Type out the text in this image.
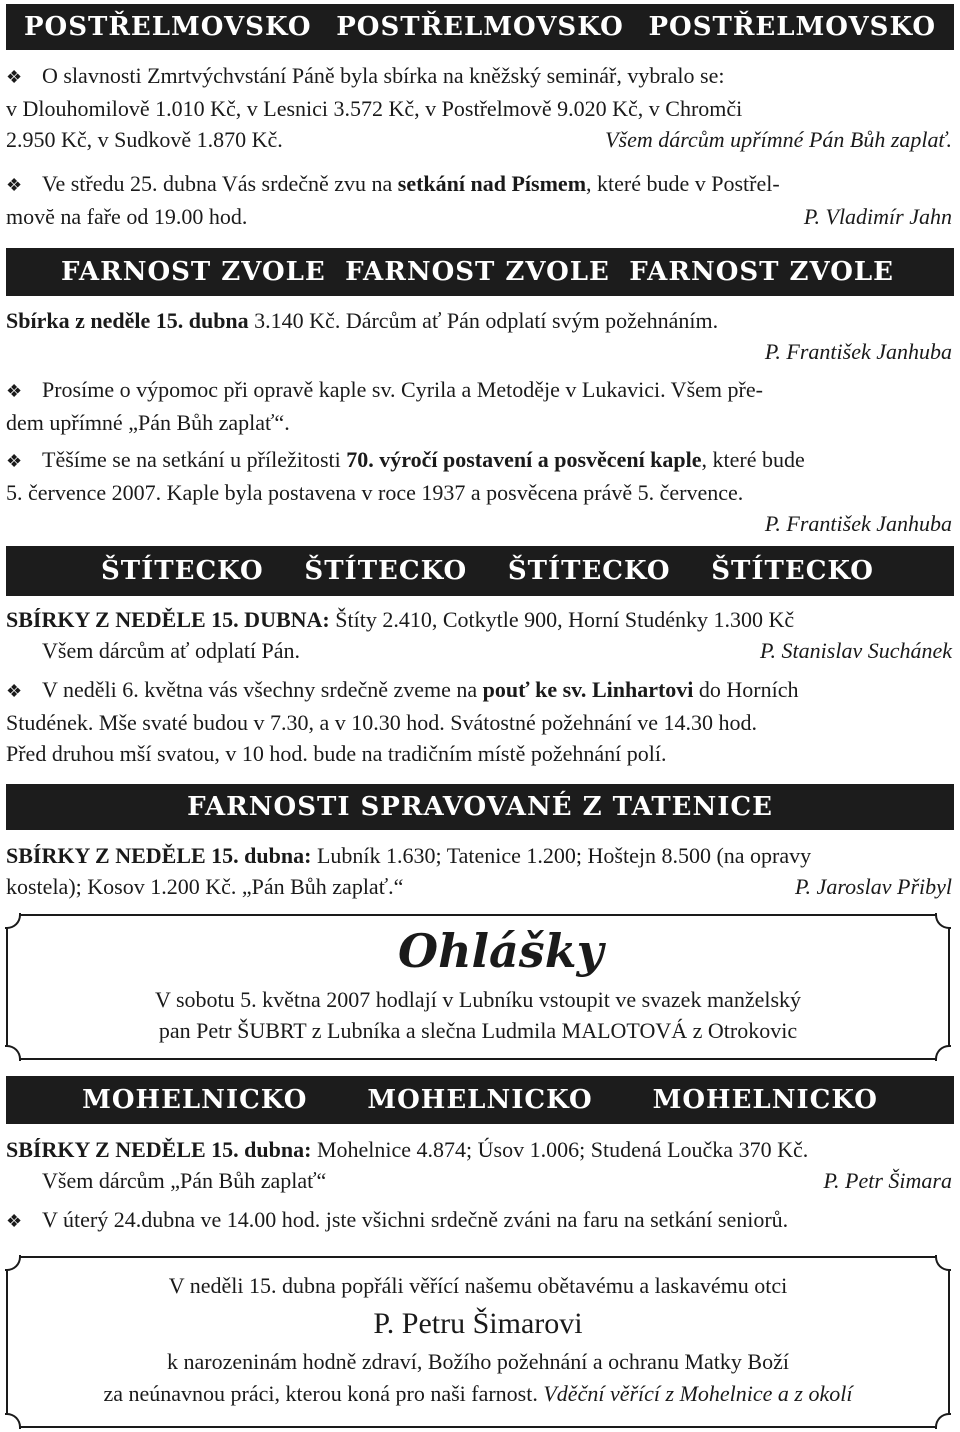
POSTŘELMOVSKO POSTŘELMOVSKO POSTŘELMOVSKO
❖ O slavnosti Zmrtvýchvstání Páně byla sbírka na kněžský seminář, vybralo se:
v Dlouhomilově 1.010 Kč, v Lesnici 3.572 Kč, v Postřelmově 9.020 Kč, v Chromči
2.950 Kč, v Sudkově 1.870 Kč.	Všem dárcům upřímné Pán Bůh zaplať.
❖ Ve středu 25. dubna Vás srdečně zvu na setkání nad Písmem, které bude v Postřel-
movĕ na faře od 19.00 hod.	P. Vladimír Jahn
FARNOST ZVOLE FARNOST ZVOLE FARNOST ZVOLE
Sbírka z neděle 15. dubna 3.140 Kč. Dárcům ať Pán odplatí svým požehnáním.
P. František Janhuba
❖ Prosíme o výpomoc při opravě kaple sv. Cyrila a Metoděje v Lukavici. Všem pře-
dem upřímné „Pán Bůh zaplať“.
❖ Těšíme se na setkání u příležitosti 70. výročí postavení a posvěcení kaple, které bude
5. července 2007. Kaple byla postavena v roce 1937 a posvěcena právě 5. července.
P. František Janhuba
ŠTÍTECKO ŠTÍTECKO ŠTÍTECKO ŠTÍTECKO
SBÍRKY Z NEDĚLE 15. DUBNA: Štíty 2.410, Cotkytle 900, Horní Studénky 1.300 Kč
Všem dárcům ať odplatí Pán.	P. Stanislav Suchánek
❖ V neděli 6. května vás všechny srdečně zveme na pouť ke sv. Linhartovi do Horních
Studének. Mše svaté budou v 7.30, a v 10.30 hod. Svátostné požehnání ve 14.30 hod.
Před druhou mší svatou, v 10 hod. bude na tradičním místě požehnání polí.
FARNOSTI SPRAVOVANÉ Z TATENICE
SBÍRKY Z NEDĚLE 15. dubna: Lubník 1.630; Tatenice 1.200; Hoštejn 8.500 (na opravy
kostela); Kosov 1.200 Kč. „Pán Bůh zaplať.“	P. Jaroslav Přibyl
Ohlášky
V sobotu 5. května 2007 hodlají v Lubníku vstoupit ve svazek manželský
pan Petr ŠUBRT z Lubníka a slečna Ludmila MALOTOVÁ z Otrokovic
MOHELNICKO MOHELNICKO MOHELNICKO
SBÍRKY Z NEDĚLE 15. dubna: Mohelnice 4.874; Úsov 1.006; Studená Loučka 370 Kč.
Všem dárcům „Pán Bůh zaplať“	P. Petr Šimara
❖ V úterý 24.dubna ve 14.00 hod. jste všichni srdečně zváni na faru na setkání seniorů.
V neděli 15. dubna popřáli věřící našemu obětavému a laskavému otci
P. Petru Šimarovi
k narozeninám hodně zdraví, Božího požehnání a ochranu Matky Boží
za neúnavnou práci, kterou koná pro naši farnost. Vděční věřící z Mohelnice a z okolí
